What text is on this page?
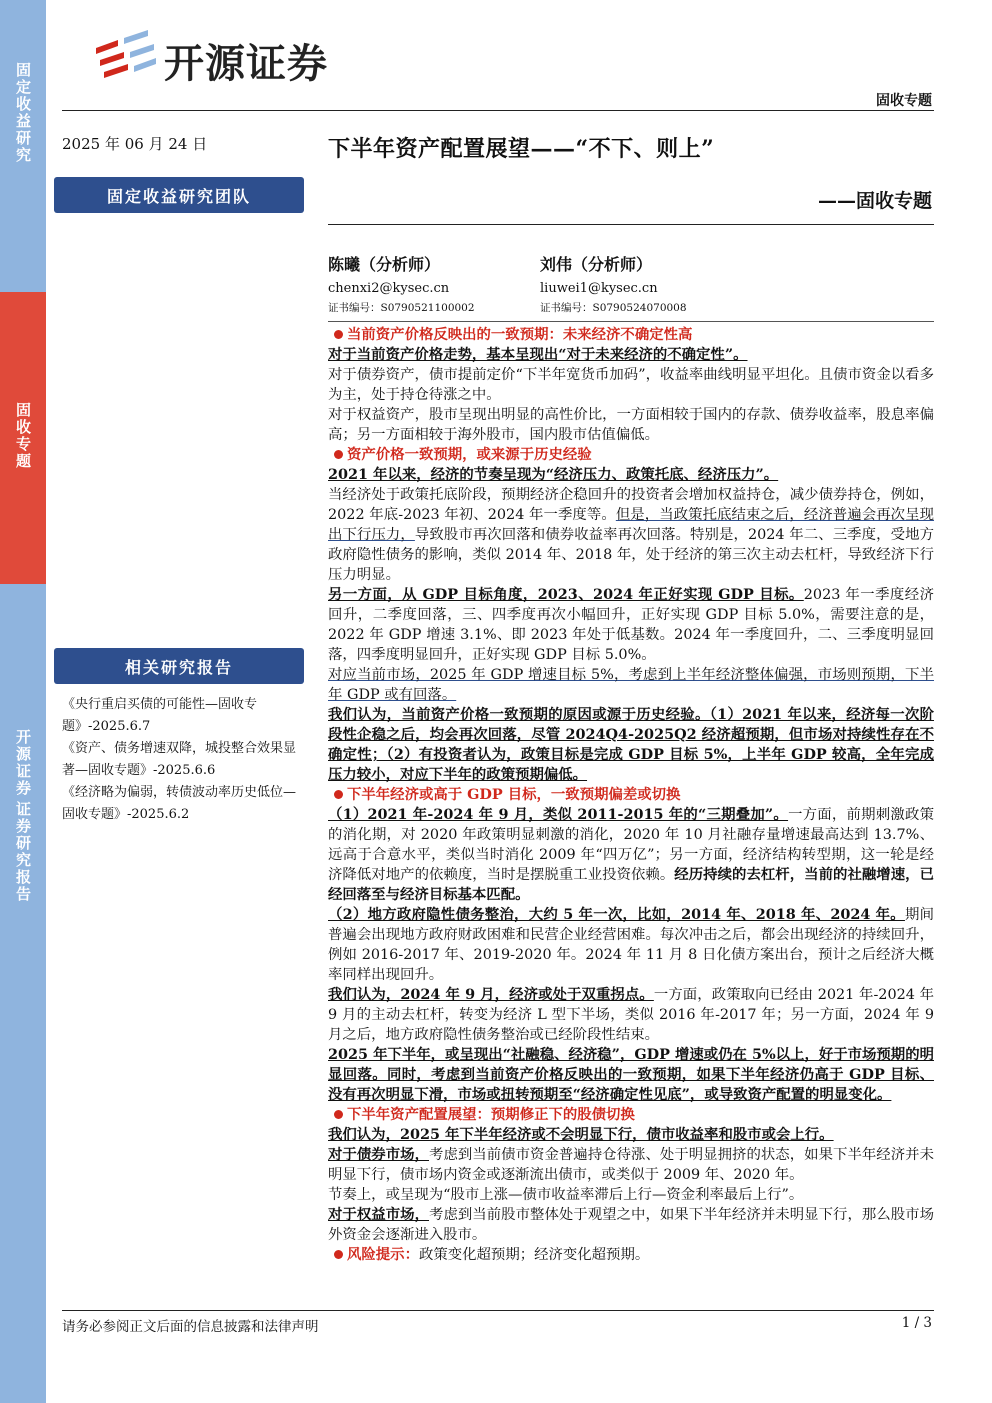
固定收益研究
固收专题
开源证券
证券研究报告
开源证券
固收专题
2025 年 06 月 24 日
固定收益研究团队
相关研究报告

《央行重启买债的可能性—固收专题》-2025.6.7

《资产、债务增速双降，城投整合效果显著—固收专题》-2025.6.6

《经济略为偏弱，转债波动率历史低位—固收专题》-2025.6.2

下半年资产配置展望——“不下、则上”
——固收专题
陈曦（分析师）
chenxi2@kysec.cn
证书编号：S0790521100002
刘伟（分析师）
liuwei1@kysec.cn
证书编号：S0790524070008

当前资产价格反映出的一致预期：未来经济不确定性高

对于当前资产价格走势，基本呈现出“对于未来经济的不确定性”。

对于债券资产，债市提前定价“下半年宽货币加码”，收益率曲线明显平坦化。且债市资金以看多为主，处于持仓待涨之中。

对于权益资产，股市呈现出明显的高性价比，一方面相较于国内的存款、债券收益率，股息率偏高；另一方面相较于海外股市，国内股市估值偏低。

资产价格一致预期，或来源于历史经验

2021 年以来，经济的节奏呈现为“经济压力、政策托底、经济压力”。

当经济处于政策托底阶段，预期经济企稳回升的投资者会增加权益持仓，减少债券持仓，例如，2022 年底-2023 年初、2024 年一季度等。但是，当政策托底结束之后，经济普遍会再次呈现出下行压力，导致股市再次回落和债券收益率再次回落。特别是，2024 年二、三季度，受地方政府隐性债务的影响，类似 2014 年、2018 年，处于经济的第三次主动去杠杆，导致经济下行压力明显。

另一方面，从 GDP 目标角度，2023、2024 年正好实现 GDP 目标。2023 年一季度经济回升，二季度回落，三、四季度再次小幅回升，正好实现 GDP 目标 5.0%，需要注意的是，2022 年 GDP 增速 3.1%、即 2023 年处于低基数。2024 年一季度回升，二、三季度明显回落，四季度明显回升，正好实现 GDP 目标 5.0%。

对应当前市场，2025 年 GDP 增速目标 5%，考虑到上半年经济整体偏强，市场则预期，下半年 GDP 或有回落。

我们认为，当前资产价格一致预期的原因或源于历史经验。（1）2021 年以来，经济每一次阶段性企稳之后，均会再次回落，尽管 2024Q4-2025Q2 经济超预期，但市场对持续性存在不确定性；（2）有投资者认为，政策目标是完成 GDP 目标 5%，上半年 GDP 较高，全年完成压力较小，对应下半年的政策预期偏低。

下半年经济或高于 GDP 目标，一致预期偏差或切换

（1）2021 年-2024 年 9 月，类似 2011-2015 年的“三期叠加”。一方面，前期刺激政策的消化期，对 2020 年政策明显刺激的消化，2020 年 10 月社融存量增速最高达到 13.7%、远高于合意水平，类似当时消化 2009 年“四万亿”；另一方面，经济结构转型期，这一轮是经济降低对地产的依赖度，当时是摆脱重工业投资依赖。经历持续的去杠杆，当前的社融增速，已经回落至与经济目标基本匹配。

（2）地方政府隐性债务整治，大约 5 年一次，比如，2014 年、2018 年、2024 年。期间普遍会出现地方政府财政困难和民营企业经营困难。每次冲击之后，都会出现经济的持续回升，例如 2016-2017 年、2019-2020 年。2024 年 11 月 8 日化债方案出台，预计之后经济大概率同样出现回升。

我们认为，2024 年 9 月，经济或处于双重拐点。一方面，政策取向已经由 2021 年-2024 年 9 月的主动去杠杆，转变为经济 L 型下半场，类似 2016 年-2017 年；另一方面，2024 年 9 月之后，地方政府隐性债务整治或已经阶段性结束。

2025 年下半年，或呈现出“社融稳、经济稳”，GDP 增速或仍在 5%以上，好于市场预期的明显回落。同时，考虑到当前资产价格反映出的一致预期，如果下半年经济仍高于 GDP 目标、没有再次明显下滑，市场或扭转预期至“经济确定性见底”，或导致资产配置的明显变化。

下半年资产配置展望：预期修正下的股债切换

我们认为，2025 年下半年经济或不会明显下行，债市收益率和股市或会上行。

对于债券市场，考虑到当前债市资金普遍持仓待涨、处于明显拥挤的状态，如果下半年经济并未明显下行，债市场内资金或逐渐流出债市，或类似于 2009 年、2020 年。

节奏上，或呈现为“股市上涨—债市收益率滞后上行—资金利率最后上行”。

对于权益市场，考虑到当前股市整体处于观望之中，如果下半年经济并未明显下行，那么股市场外资金会逐渐进入股市。

风险提示：政策变化超预期；经济变化超预期。

请务必参阅正文后面的信息披露和法律声明	1 / 3
